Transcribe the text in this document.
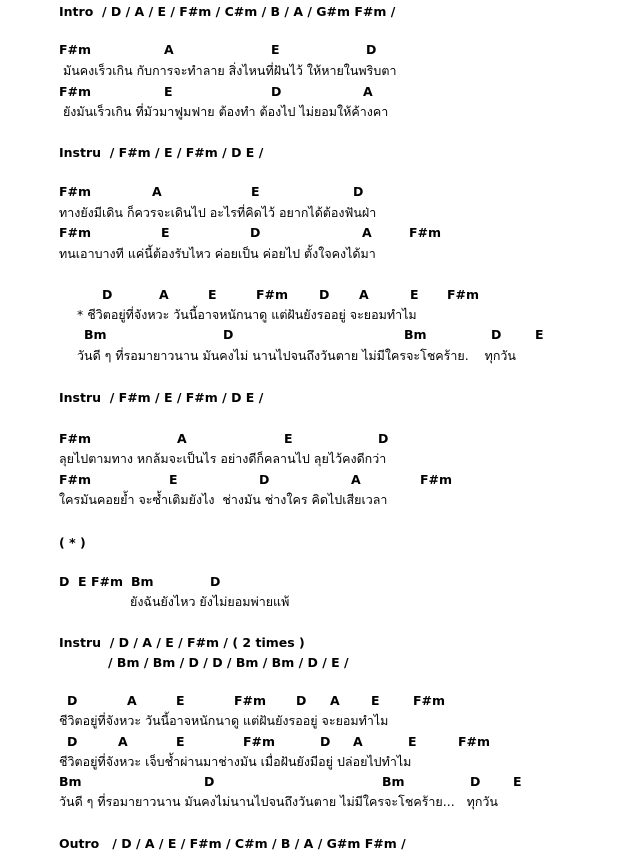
Intro  / D / A / E / F#m / C#m / B / A / G#m F#m /
F#m	A	E	D
มันคงเร็วเกิน กับการจะทำลาย สิ่งไหนที่ฝันไว้ ให้หายในพริบตา
F#m	E	D	A
ยังมันเร็วเกิน ที่มัวมาฟูมฟาย ต้องทำ ต้องไป ไม่ยอมให้ค้างคา
Instru  / F#m / E / F#m / D E /
F#m	A	E	D
ทางยังมีเดิน ก็ควรจะเดินไป อะไรที่คิดไว้ อยากได้ต้องฟันฝ่า
F#m	E	D	A	F#m
ทนเอาบางที แค่นี้ต้องรับไหว ค่อยเป็น ค่อยไป ตั้งใจคงได้มา
D	A	E	F#m D A	E F#m
* ชีวิตอยู่ที่จังหวะ วันนี้อาจหนักนาดู แต่ฝันยังรออยู่ จะยอมทำไม
Bm	D	Bm	D	E
วันดี ๆ ที่รอมายาวนาน มันคงไม่ นานไปจนถึงวันตาย ไม่มีใครจะโชคร้าย.    ทุกวัน
Instru  / F#m / E / F#m / D E /
F#m	A	E	D
ลุยไปตามทาง หกล้มจะเป็นไร อย่างดีก็คลานไป ลุยไว้คงดีกว่า
F#m	E	D	A	F#m
ใครมันคอยย้ำ จะซ้ำเติมยังไง  ช่างมัน ช่างใคร คิดไปเสียเวลา
( * )
D E F#m Bm	D
ยังฉันยังไหว ยังไม่ยอมพ่ายแพ้
Instru  / D / A / E / F#m / ( 2 times )
/ Bm / Bm / D / D / Bm / Bm / D / E /
D	A	E	F#m D A	E	F#m
ชีวิตอยู่ที่จังหวะ วันนี้อาจหนักนาดู แต่ฝันยังรออยู่ จะยอมทำไม
D	A	E	F#m	D A	E	F#m
ชีวิตอยู่ที่จังหวะ เจ็บช้ำผ่านมาช่างมัน เมื่อฝันยังมีอยู่ ปล่อยไปทำไม
Bm	D	Bm	D	E
วันดี ๆ ที่รอมายาวนาน มันคงไม่นานไปจนถึงวันตาย ไม่มีใครจะโชคร้าย...   ทุกวัน
Outro   / D / A / E / F#m / C#m / B / A / G#m F#m /
